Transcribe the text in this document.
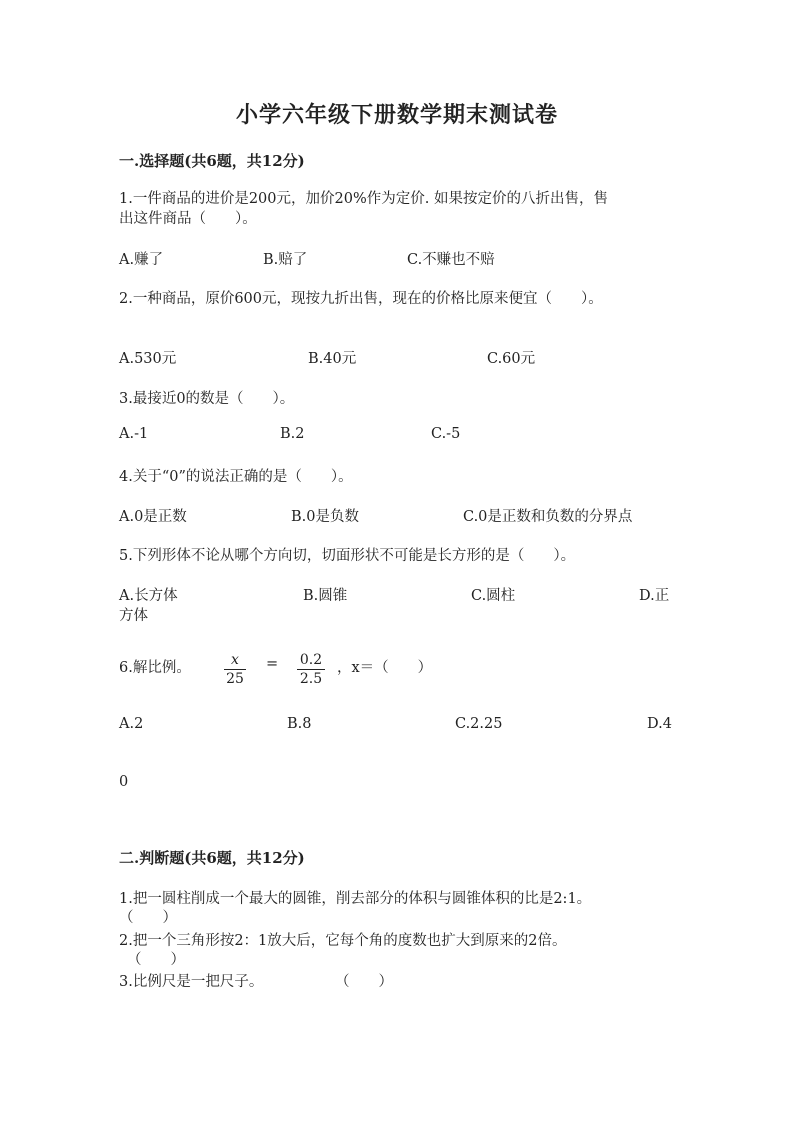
小学六年级下册数学期末测试卷
一.选择题(共6题，共12分)
1.一件商品的进价是200元，加价20%作为定价. 如果按定价的八折出售，售
出这件商品（　　）。
A.赚了	B.赔了	C.不赚也不赔
2.一种商品，原价600元，现按九折出售，现在的价格比原来便宜（　　）。
A.530元	B.40元	C.60元
3.最接近0的数是（　　）。
A.-1	B.2	C.-5
4.关于“0”的说法正确的是（　　）。
A.0是正数	B.0是负数	C.0是正数和负数的分界点
5.下列形体不论从哪个方向切，切面形状不可能是长方形的是（　　）。
A.长方体	B.圆锥	C.圆柱	D.正
方体
6.解比例。 $\frac{x}{25} = \frac{0.2}{2.5}$ ，x＝（　　）
A.2	B.8	C.2.25	D.4
0
二.判断题(共6题，共12分)
1.把一圆柱削成一个最大的圆锥，削去部分的体积与圆锥体积的比是2:1。
（　　）
2.把一个三角形按2：1放大后，它每个角的度数也扩大到原来的2倍。
（　　）
3.比例尺是一把尺子。	（　　）
